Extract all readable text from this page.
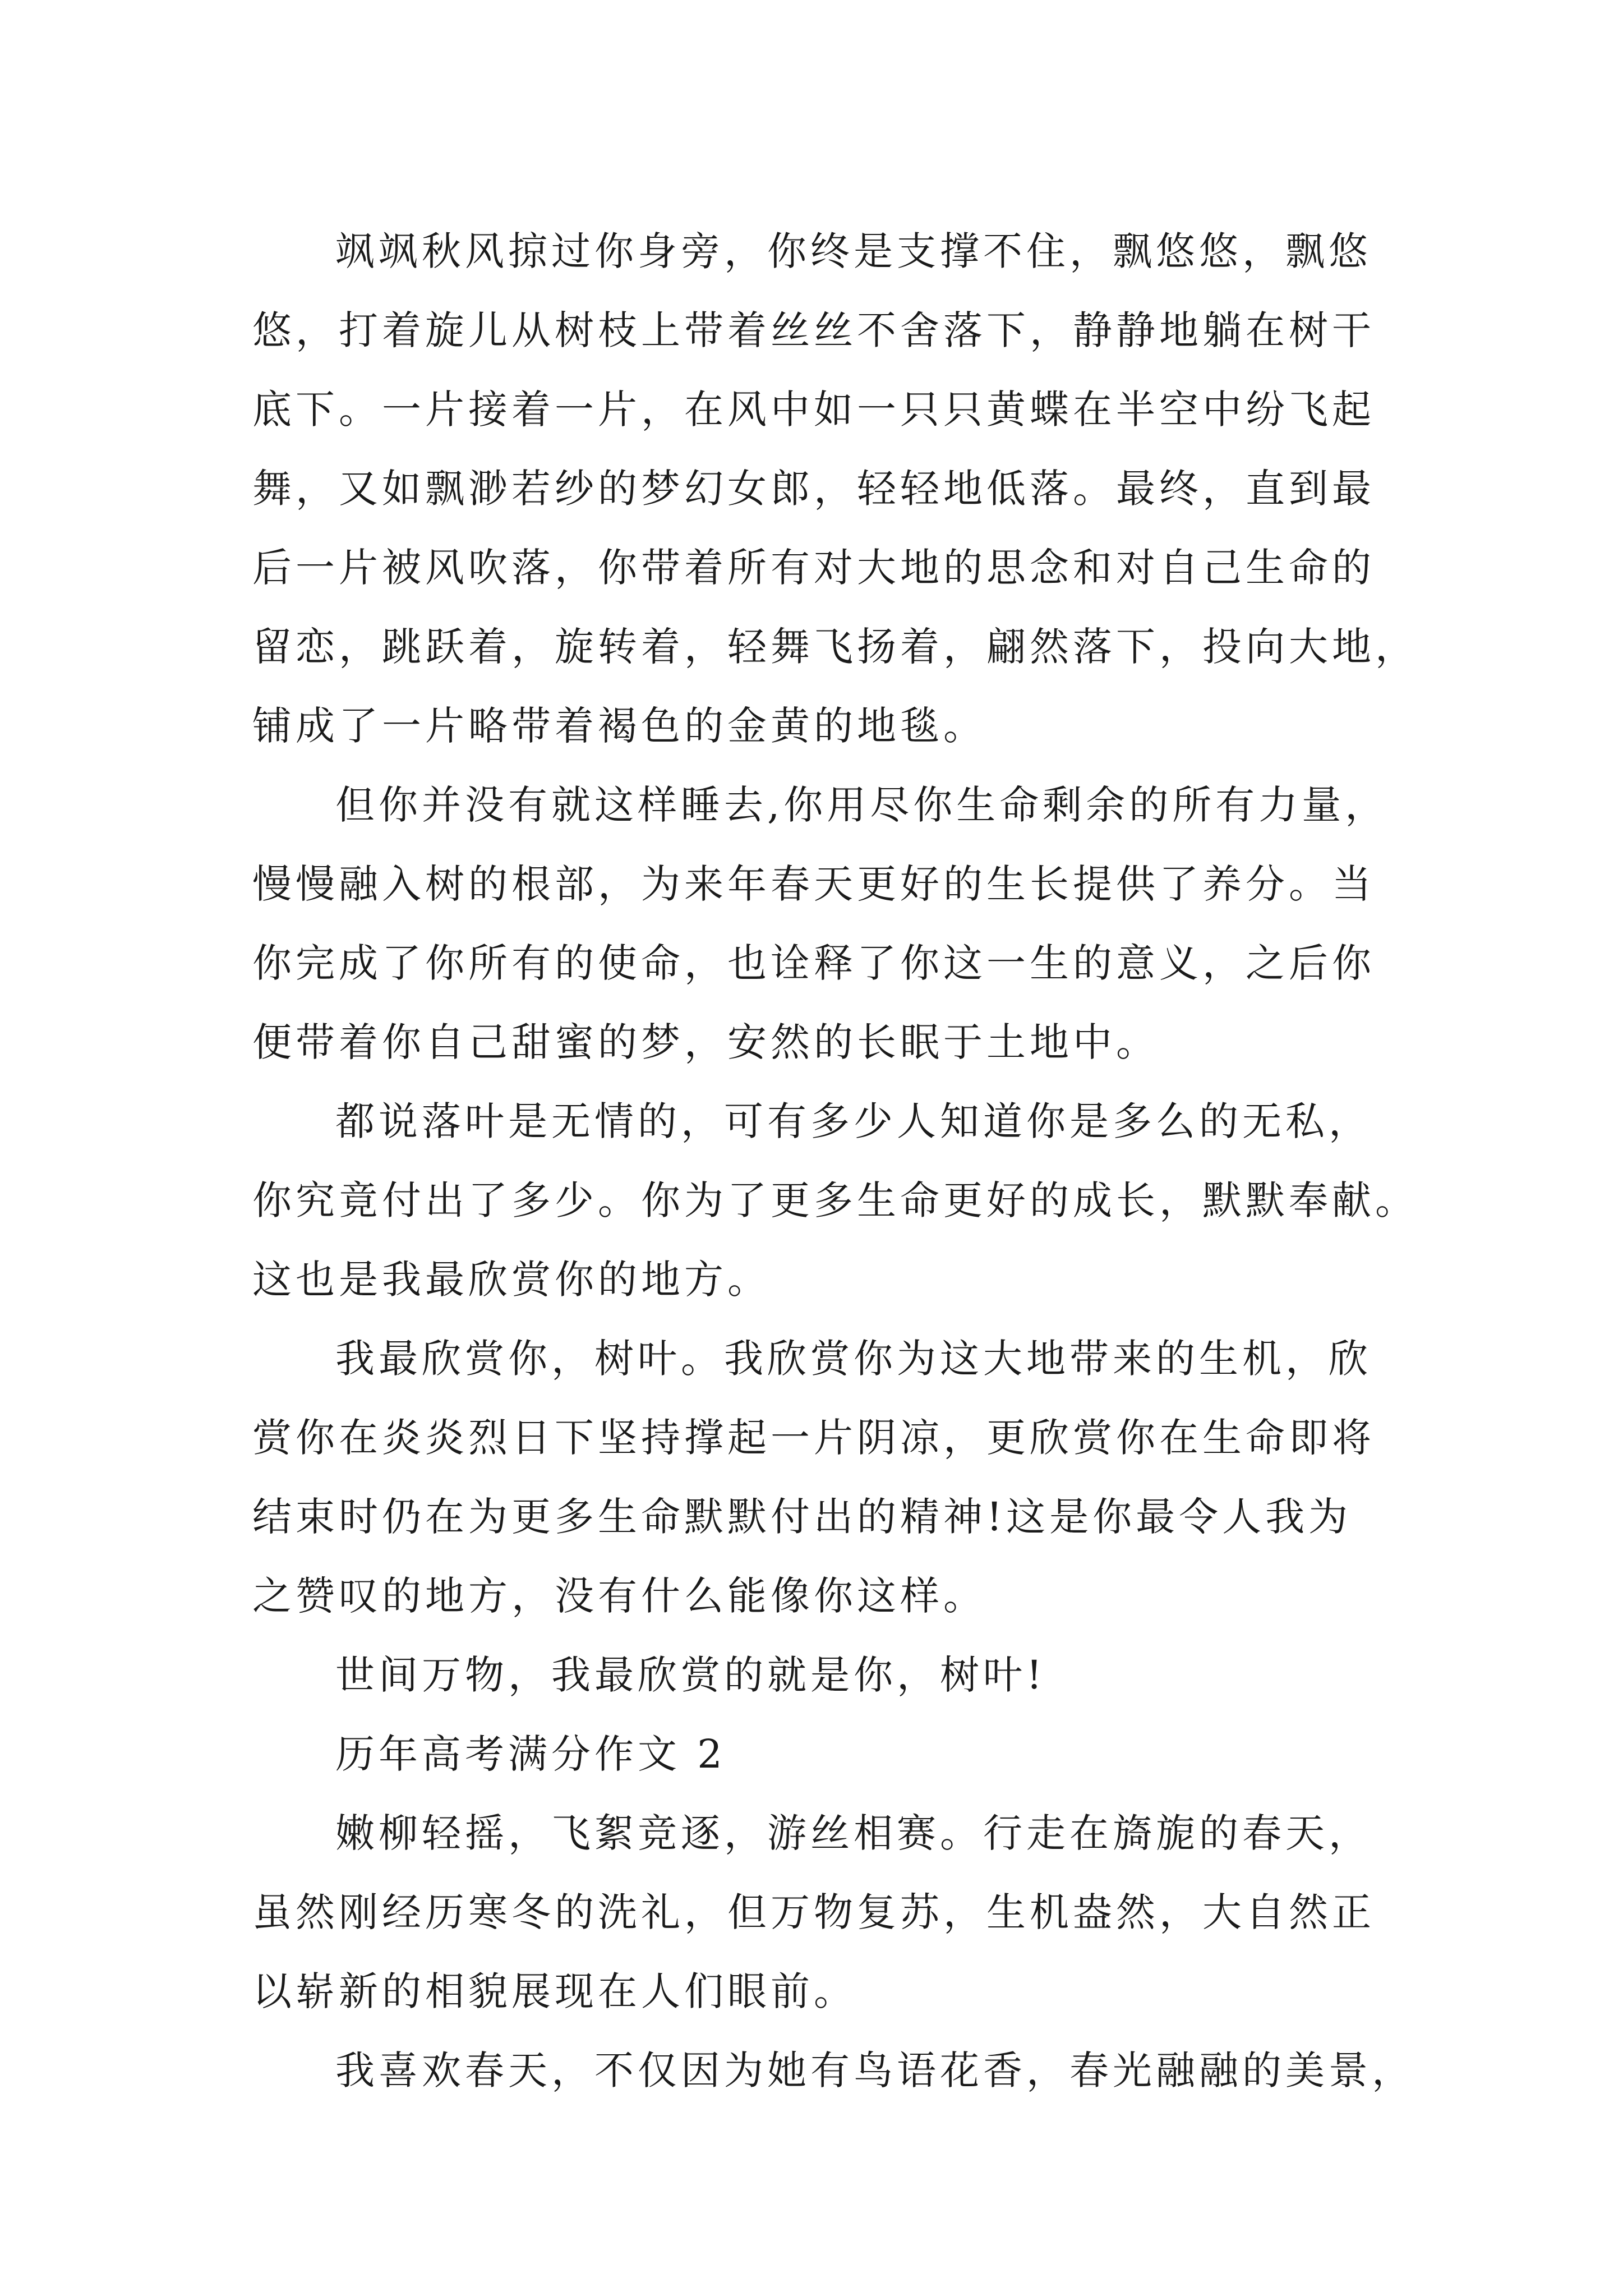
飒飒秋风掠过你身旁，你终是支撑不住，飘悠悠，飘悠
悠，打着旋儿从树枝上带着丝丝不舍落下，静静地躺在树干
底下。一片接着一片，在风中如一只只黄蝶在半空中纷飞起
舞，又如飘渺若纱的梦幻女郎，轻轻地低落。最终，直到最
后一片被风吹落，你带着所有对大地的思念和对自己生命的
留恋，跳跃着，旋转着，轻舞飞扬着，翩然落下，投向大地，
铺成了一片略带着褐色的金黄的地毯。
但你并没有就这样睡去,你用尽你生命剩余的所有力量，
慢慢融入树的根部，为来年春天更好的生长提供了养分。当
你完成了你所有的使命，也诠释了你这一生的意义，之后你
便带着你自己甜蜜的梦，安然的长眠于土地中。
都说落叶是无情的，可有多少人知道你是多么的无私，
你究竟付出了多少。你为了更多生命更好的成长，默默奉献。
这也是我最欣赏你的地方。
我最欣赏你，树叶。我欣赏你为这大地带来的生机，欣
赏你在炎炎烈日下坚持撑起一片阴凉，更欣赏你在生命即将
结束时仍在为更多生命默默付出的精神!这是你最令人我为
之赞叹的地方，没有什么能像你这样。
世间万物，我最欣赏的就是你，树叶!
历年高考满分作文 2
嫩柳轻摇，飞絮竞逐，游丝相赛。行走在旖旎的春天，
虽然刚经历寒冬的洗礼，但万物复苏，生机盎然，大自然正
以崭新的相貌展现在人们眼前。
我喜欢春天，不仅因为她有鸟语花香，春光融融的美景，
